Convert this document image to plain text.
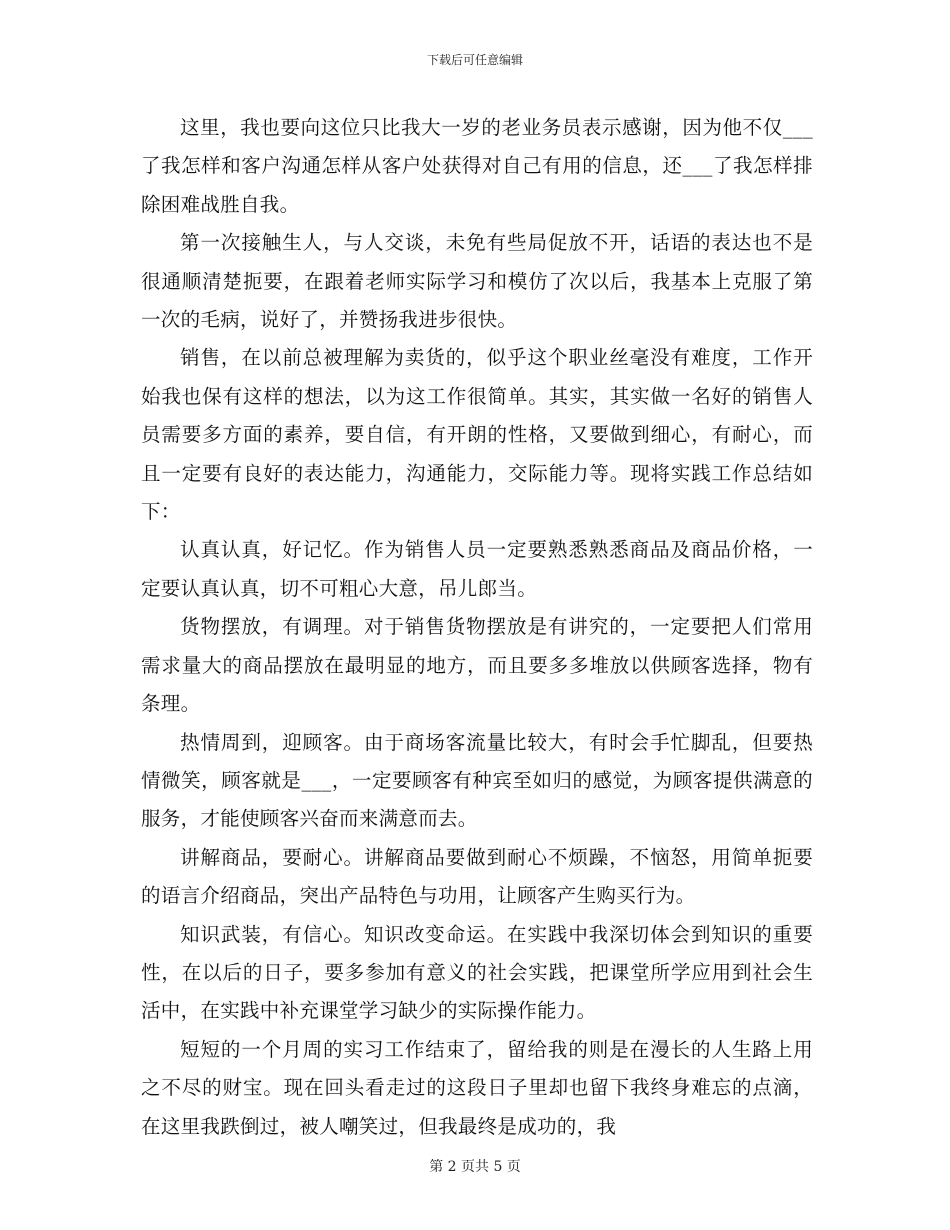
下载后可任意编辑

这里，我也要向这位只比我大一岁的老业务员表示感谢，因为他不仅___了我怎样和客户沟通怎样从客户处获得对自己有用的信息，还___了我怎样排除困难战胜自我。

第一次接触生人，与人交谈，未免有些局促放不开，话语的表达也不是很通顺清楚扼要，在跟着老师实际学习和模仿了次以后，我基本上克服了第一次的毛病，说好了，并赞扬我进步很快。

销售，在以前总被理解为卖货的，似乎这个职业丝毫没有难度，工作开始我也保有这样的想法，以为这工作很简单。其实，其实做一名好的销售人员需要多方面的素养，要自信，有开朗的性格，又要做到细心，有耐心，而且一定要有良好的表达能力，沟通能力，交际能力等。现将实践工作总结如下：

认真认真，好记忆。作为销售人员一定要熟悉熟悉商品及商品价格，一定要认真认真，切不可粗心大意，吊儿郎当。

货物摆放，有调理。对于销售货物摆放是有讲究的，一定要把人们常用需求量大的商品摆放在最明显的地方，而且要多多堆放以供顾客选择，物有条理。

热情周到，迎顾客。由于商场客流量比较大，有时会手忙脚乱，但要热情微笑，顾客就是___，一定要顾客有种宾至如归的感觉，为顾客提供满意的服务，才能使顾客兴奋而来满意而去。

讲解商品，要耐心。讲解商品要做到耐心不烦躁，不恼怒，用简单扼要的语言介绍商品，突出产品特色与功用，让顾客产生购买行为。

知识武装，有信心。知识改变命运。在实践中我深切体会到知识的重要性，在以后的日子，要多参加有意义的社会实践，把课堂所学应用到社会生活中，在实践中补充课堂学习缺少的实际操作能力。

短短的一个月周的实习工作结束了，留给我的则是在漫长的人生路上用之不尽的财宝。现在回头看走过的这段日子里却也留下我终身难忘的点滴，在这里我跌倒过，被人嘲笑过，但我最终是成功的，我

第 2 页共 5 页
